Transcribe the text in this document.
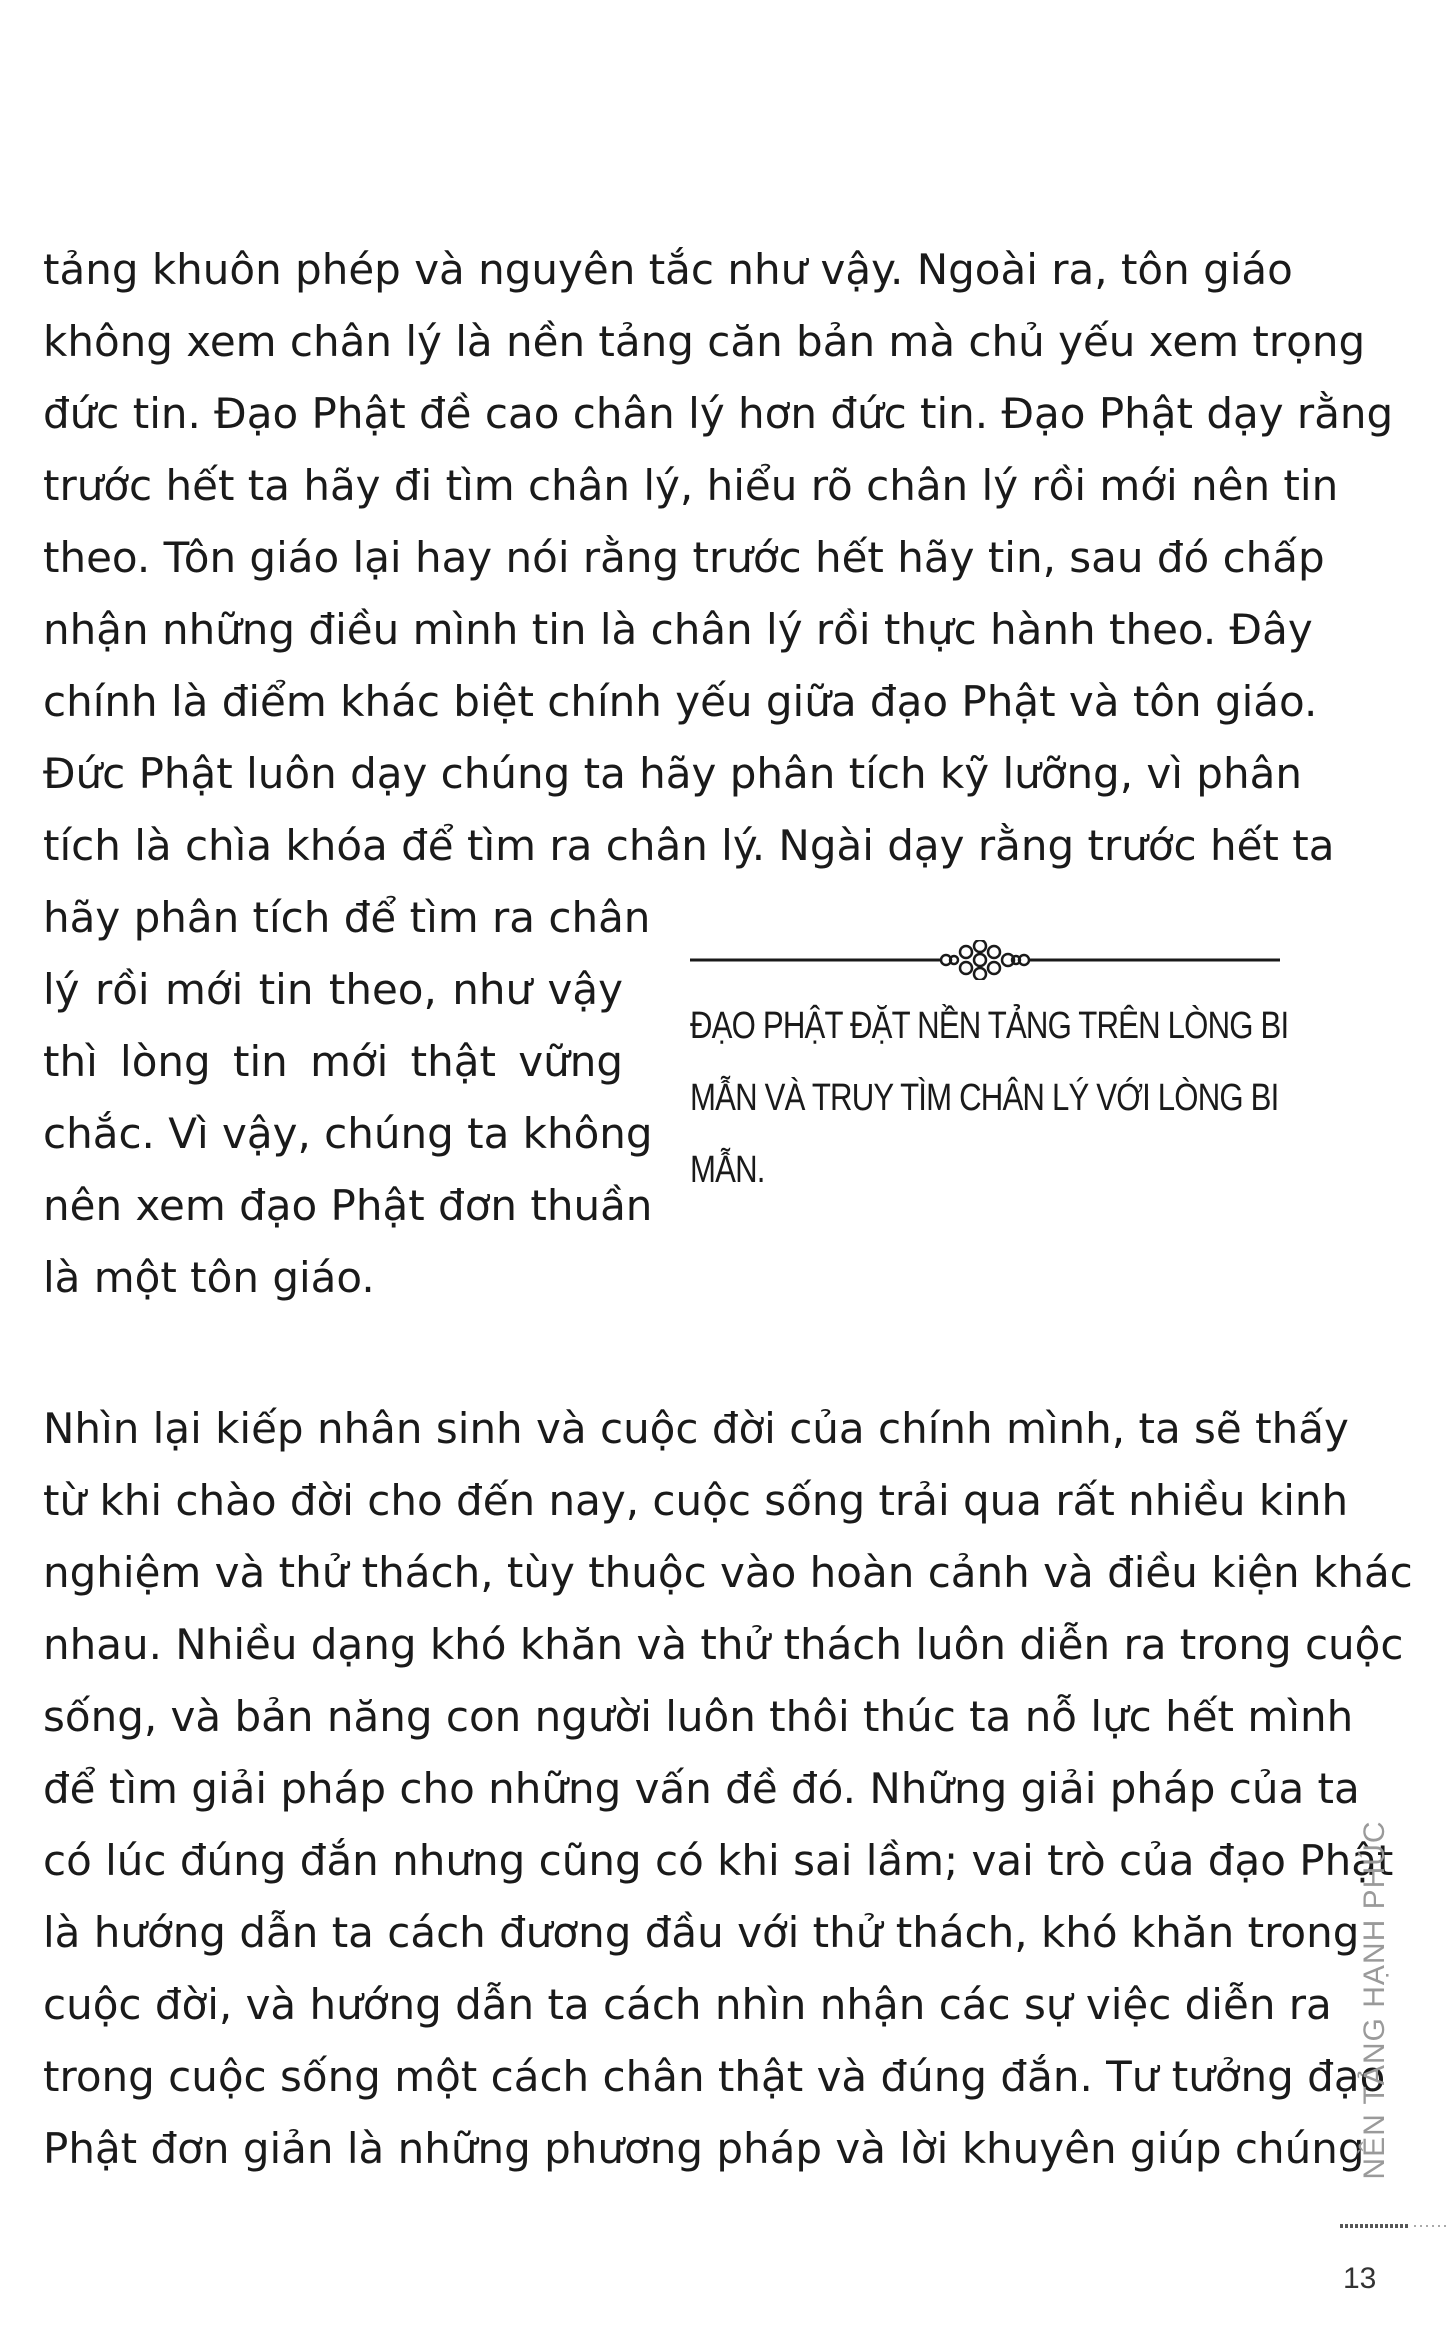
tảng khuôn phép và nguyên tắc như vậy. Ngoài ra, tôn giáo
không xem chân lý là nền tảng căn bản mà chủ yếu xem trọng
đức tin. Đạo Phật đề cao chân lý hơn đức tin. Đạo Phật dạy rằng
trước hết ta hãy đi tìm chân lý, hiểu rõ chân lý rồi mới nên tin
theo. Tôn giáo lại hay nói rằng trước hết hãy tin, sau đó chấp
nhận những điều mình tin là chân lý rồi thực hành theo. Đây
chính là điểm khác biệt chính yếu giữa đạo Phật và tôn giáo.
Đức Phật luôn dạy chúng ta hãy phân tích kỹ lưỡng, vì phân
tích là chìa khóa để tìm ra chân lý. Ngài dạy rằng trước hết ta
hãy phân tích để tìm ra chân
lý rồi mới tin theo, như vậy
thì lòng tin mới thật vững
chắc. Vì vậy, chúng ta không
nên xem đạo Phật đơn thuần
là một tôn giáo.
ĐẠO PHẬT ĐẶT NỀN TẢNG TRÊN LÒNG BI
MẪN VÀ TRUY TÌM CHÂN LÝ VỚI LÒNG BI
MẪN.
Nhìn lại kiếp nhân sinh và cuộc đời của chính mình, ta sẽ thấy
từ khi chào đời cho đến nay, cuộc sống trải qua rất nhiều kinh
nghiệm và thử thách, tùy thuộc vào hoàn cảnh và điều kiện khác
nhau. Nhiều dạng khó khăn và thử thách luôn diễn ra trong cuộc
sống, và bản năng con người luôn thôi thúc ta nỗ lực hết mình
để tìm giải pháp cho những vấn đề đó. Những giải pháp của ta
có lúc đúng đắn nhưng cũng có khi sai lầm; vai trò của đạo Phật
là hướng dẫn ta cách đương đầu với thử thách, khó khăn trong
cuộc đời, và hướng dẫn ta cách nhìn nhận các sự việc diễn ra
trong cuộc sống một cách chân thật và đúng đắn. Tư tưởng đạo
Phật đơn giản là những phương pháp và lời khuyên giúp chúng
NỀN TẢNG HẠNH PHÚC
13
